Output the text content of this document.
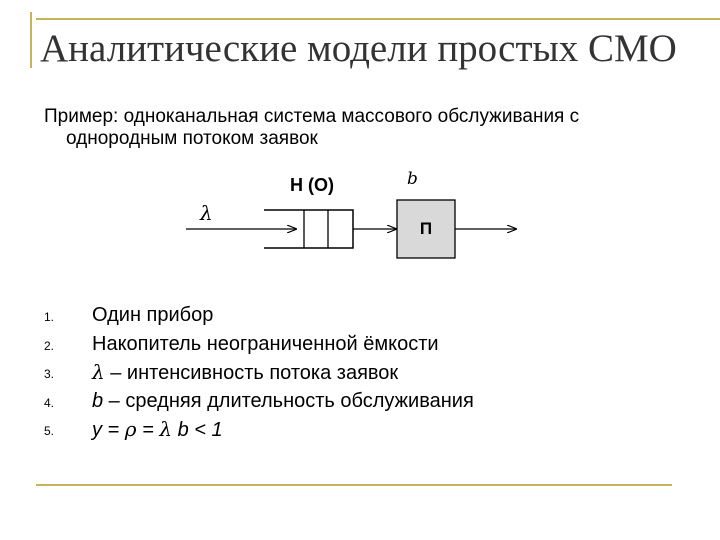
Аналитические модели простых СМО
Пример: одноканальная система массового обслуживания с
однородным потоком заявок
λ
Н (О)	b
П
1.	Один прибор
2.	Накопитель неограниченной ёмкости
3.	λ – интенсивность потока заявок
4.	b – средняя длительность обслуживания
5.	y = ρ = λ b < 1
